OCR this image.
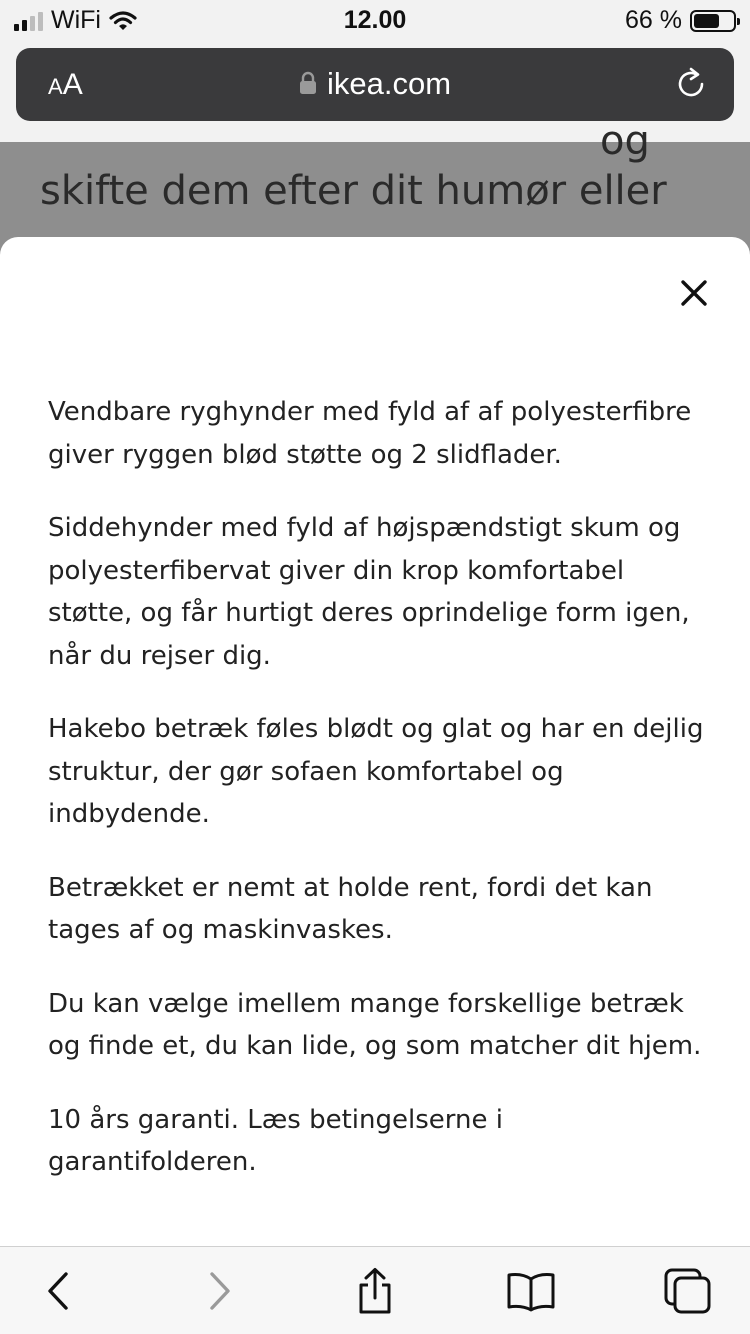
WiFi	12.00	66 %
AA	ikea.com
og
skifte dem efter dit humør eller

Vendbare ryghynder med fyld af af polyesterfibre giver ryggen blød støtte og 2 slidflader.

Siddehynder med fyld af højspændstigt skum og polyesterfibervat giver din krop komfortabel støtte, og får hurtigt deres oprindelige form igen, når du rejser dig.

Hakebo betræk føles blødt og glat og har en dejlig struktur, der gør sofaen komfortabel og indbydende.

Betrækket er nemt at holde rent, fordi det kan tages af og maskinvaskes.

Du kan vælge imellem mange forskellige betræk og finde et, du kan lide, og som matcher dit hjem.

10 års garanti. Læs betingelserne i garantifolderen.
